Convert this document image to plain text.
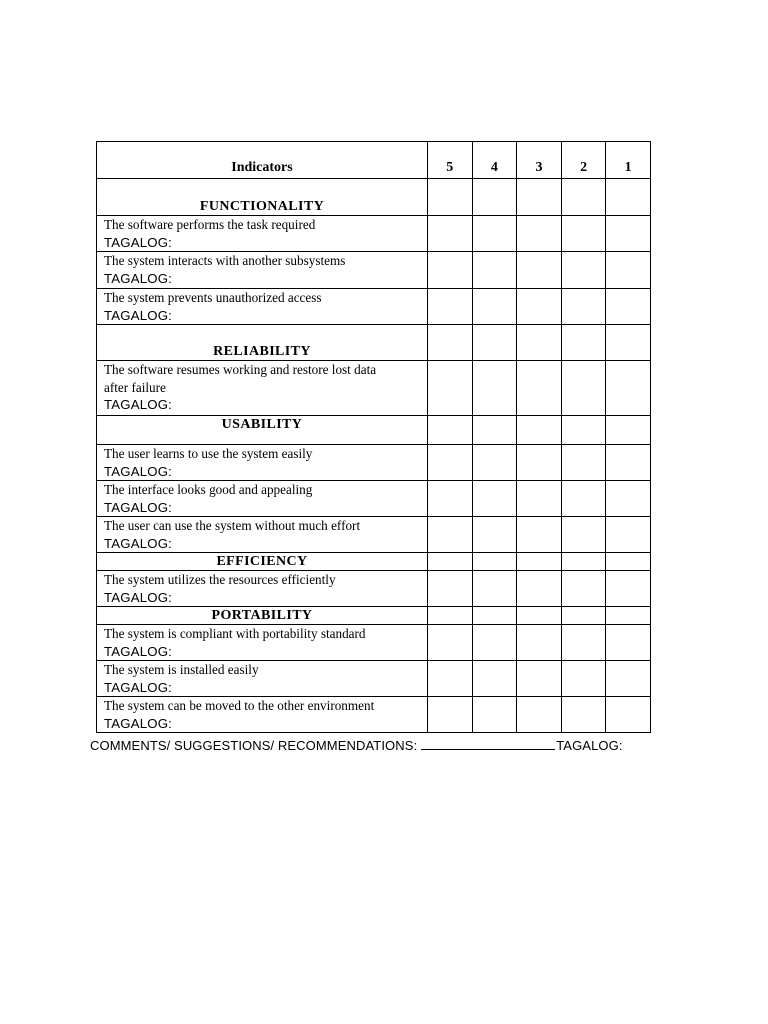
Indicators	5	4	3	2	1
FUNCTIONALITY					

The software performs the task required
TAGALOG:					

The system interacts with another subsystems
TAGALOG:					

The system prevents unauthorized access
TAGALOG:					

RELIABILITY					

The software resumes working and restore lost data
after failure
TAGALOG:					

USABILITY					

The user learns to use the system easily
TAGALOG:					

The interface looks good and appealing
TAGALOG:					

The user can use the system without much effort
TAGALOG:					

EFFICIENCY					

The system utilizes the resources efficiently
TAGALOG:					

PORTABILITY					

The system is compliant with portability standard
TAGALOG:					

The system is installed easily
TAGALOG:					

The system can be moved to the other environment
TAGALOG:					

COMMENTS/ SUGGESTIONS/ RECOMMENDATIONS:	TAGALOG:
